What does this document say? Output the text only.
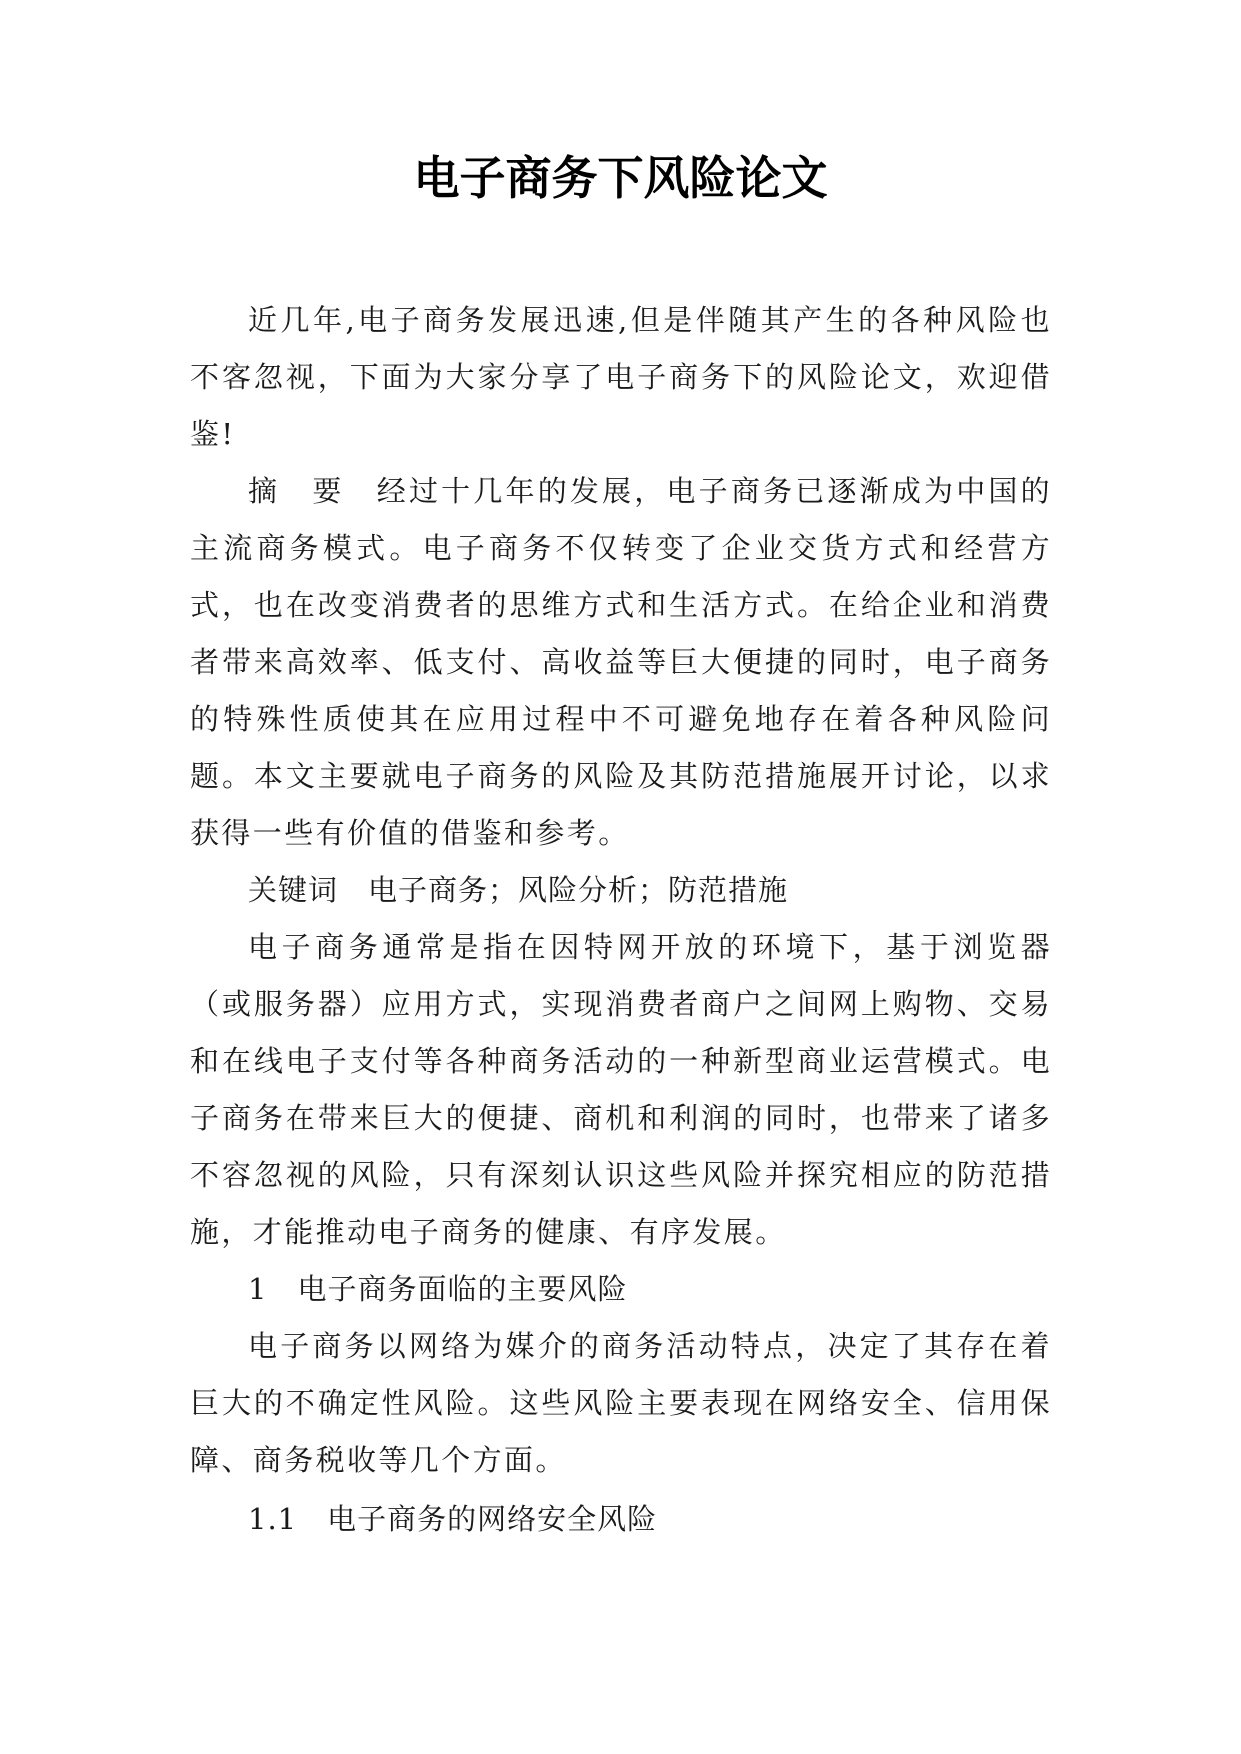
电子商务下风险论文

近几年,电子商务发展迅速,但是伴随其产生的各种风险也不客忽视，下面为大家分享了电子商务下的风险论文，欢迎借鉴!

摘　要　经过十几年的发展，电子商务已逐渐成为中国的主流商务模式。电子商务不仅转变了企业交货方式和经营方式，也在改变消费者的思维方式和生活方式。在给企业和消费者带来高效率、低支付、高收益等巨大便捷的同时，电子商务的特殊性质使其在应用过程中不可避免地存在着各种风险问题。本文主要就电子商务的风险及其防范措施展开讨论，以求获得一些有价值的借鉴和参考。

关键词　电子商务；风险分析；防范措施

电子商务通常是指在因特网开放的环境下，基于浏览器（或服务器）应用方式，实现消费者商户之间网上购物、交易和在线电子支付等各种商务活动的一种新型商业运营模式。电子商务在带来巨大的便捷、商机和利润的同时，也带来了诸多不容忽视的风险，只有深刻认识这些风险并探究相应的防范措施，才能推动电子商务的健康、有序发展。

1　电子商务面临的主要风险

电子商务以网络为媒介的商务活动特点，决定了其存在着巨大的不确定性风险。这些风险主要表现在网络安全、信用保障、商务税收等几个方面。

1.1　电子商务的网络安全风险
